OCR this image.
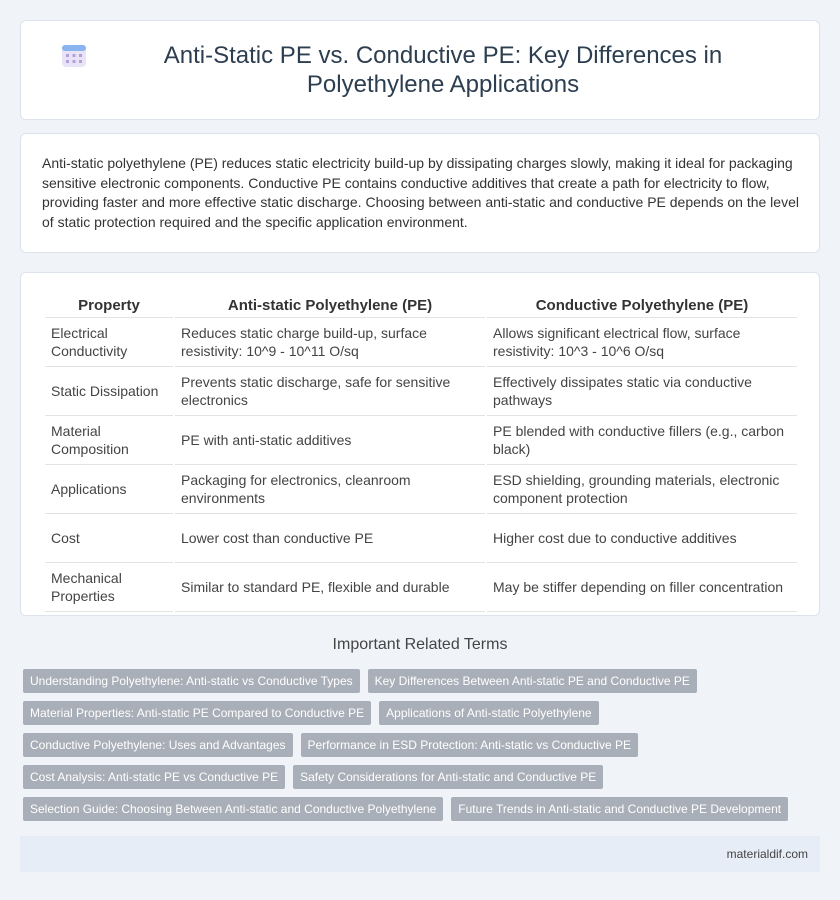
Anti-Static PE vs. Conductive PE: Key Differences in Polyethylene Applications

Anti-static polyethylene (PE) reduces static electricity build-up by dissipating charges slowly, making it ideal for packaging sensitive electronic components. Conductive PE contains conductive additives that create a path for electricity to flow, providing faster and more effective static discharge. Choosing between anti-static and conductive PE depends on the level of static protection required and the specific application environment.

Property	Anti-static Polyethylene (PE)	Conductive Polyethylene (PE)
Electrical Conductivity	Reduces static charge build-up, surface resistivity: 10^9 - 10^11 O/sq	Allows significant electrical flow, surface resistivity: 10^3 - 10^6 O/sq
Static Dissipation	Prevents static discharge, safe for sensitive electronics	Effectively dissipates static via conductive pathways
Material Composition	PE with anti-static additives	PE blended with conductive fillers (e.g., carbon black)
Applications	Packaging for electronics, cleanroom environments	ESD shielding, grounding materials, electronic component protection
Cost	Lower cost than conductive PE	Higher cost due to conductive additives
Mechanical Properties	Similar to standard PE, flexible and durable	May be stiffer depending on filler concentration
Important Related Terms
Understanding Polyethylene: Anti-static vs Conductive Types	Key Differences Between Anti-static PE and Conductive PE
Material Properties: Anti-static PE Compared to Conductive PE	Applications of Anti-static Polyethylene
Conductive Polyethylene: Uses and Advantages	Performance in ESD Protection: Anti-static vs Conductive PE
Cost Analysis: Anti-static PE vs Conductive PE	Safety Considerations for Anti-static and Conductive PE
Selection Guide: Choosing Between Anti-static and Conductive Polyethylene	Future Trends in Anti-static and Conductive PE Development
materialdif.com
